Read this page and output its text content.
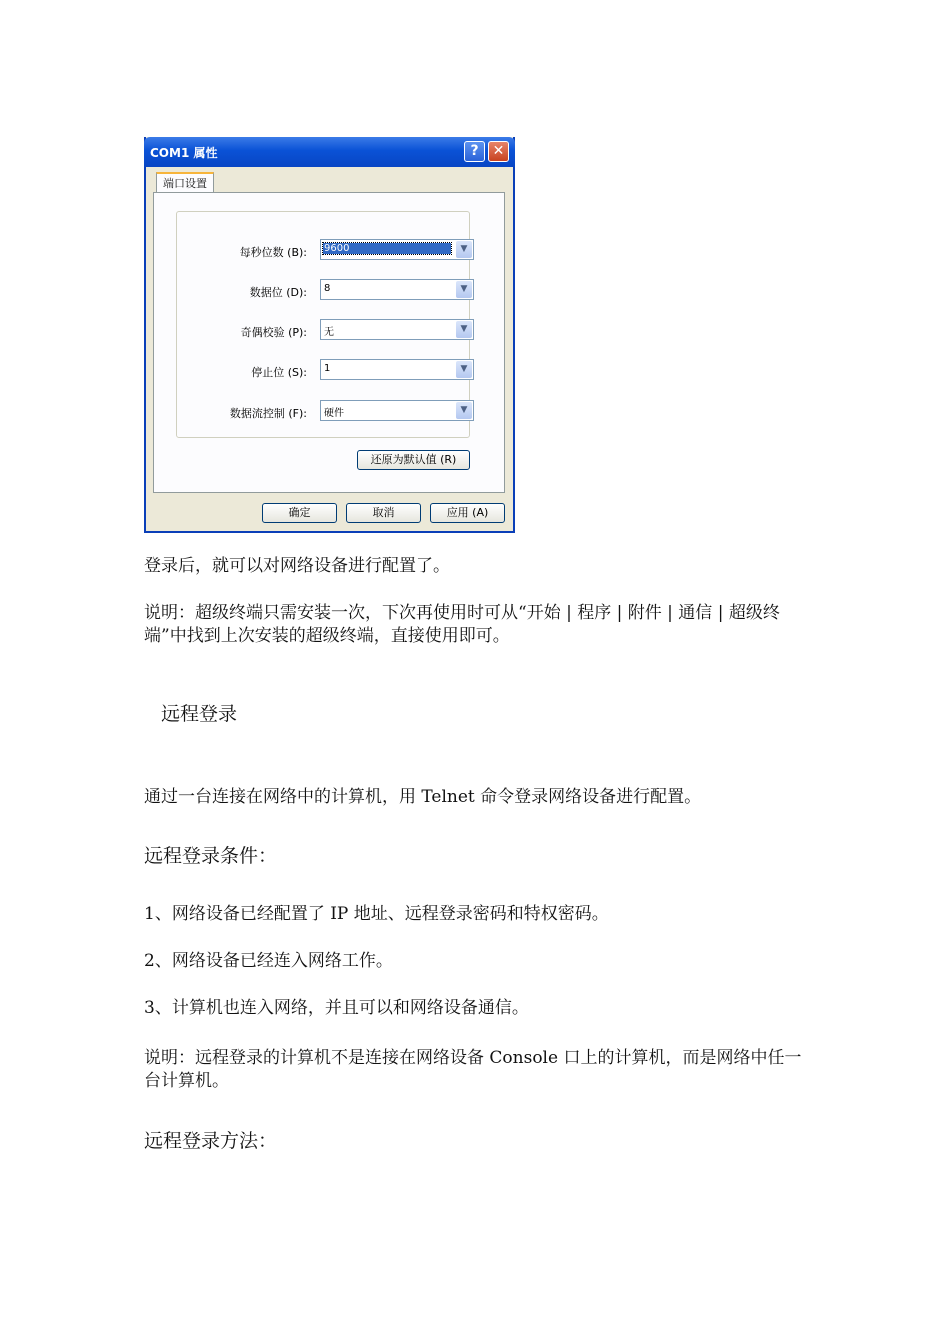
COM1 属性	?	✕
端口设置
每秒位数 (B): 9600	▼
数据位 (D): 8	▼
奇偶校验 (P): 无	▼
停止位 (S): 1	▼
数据流控制 (F): 硬件	▼
还原为默认值 (R)
确定	取消	应用 (A)

登录后，就可以对网络设备进行配置了。

说明：超级终端只需安装一次，下次再使用时可从“开始 | 程序 | 附件 | 通信 | 超级终端”中找到上次安装的超级终端，直接使用即可。

远程登录

通过一台连接在网络中的计算机，用 Telnet 命令登录网络设备进行配置。

远程登录条件：

1、网络设备已经配置了 IP 地址、远程登录密码和特权密码。

2、网络设备已经连入网络工作。

3、计算机也连入网络，并且可以和网络设备通信。

说明：远程登录的计算机不是连接在网络设备 Console 口上的计算机，而是网络中任一台计算机。

远程登录方法：
